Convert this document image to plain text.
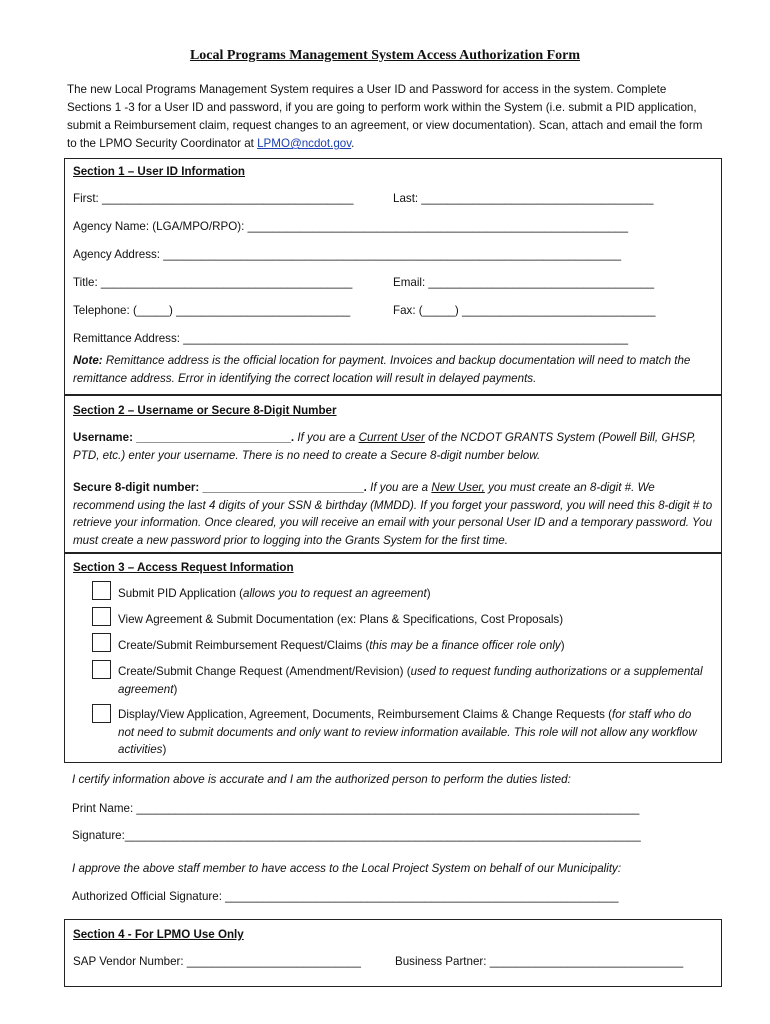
Local Programs Management System Access Authorization Form
The new Local Programs Management System requires a User ID and Password for access in the system. Complete Sections 1 -3 for a User ID and password, if you are going to perform work within the System (i.e. submit a PID application, submit a Reimbursement claim, request changes to an agreement, or view documentation). Scan, attach and email the form to the LPMO Security Coordinator at LPMO@ncdot.gov.
Section 1 – User ID Information
First: _______________________________________	Last: ____________________________________
Agency Name: (LGA/MPO/RPO): ___________________________________________________________
Agency Address: _______________________________________________________________________
Title: _______________________________________	Email: ___________________________________
Telephone: (_____) ___________________________	Fax: (_____) ______________________________
Remittance Address: _____________________________________________________________________
Note: Remittance address is the official location for payment. Invoices and backup documentation will need to match the remittance address. Error in identifying the correct location will result in delayed payments.
Section 2 – Username or Secure 8-Digit Number
Username: ________________________. If you are a Current User of the NCDOT GRANTS System (Powell Bill, GHSP, PTD, etc.) enter your username. There is no need to create a Secure 8-digit number below.
Secure 8-digit number: _________________________. If you are a New User, you must create an 8-digit #. We recommend using the last 4 digits of your SSN & birthday (MMDD). If you forget your password, you will need this 8-digit # to retrieve your information. Once cleared, you will receive an email with your personal User ID and a temporary password. You must create a new password prior to logging into the Grants System for the first time.
Section 3 – Access Request Information
Submit PID Application (allows you to request an agreement)
View Agreement & Submit Documentation (ex: Plans & Specifications, Cost Proposals)
Create/Submit Reimbursement Request/Claims (this may be a finance officer role only)
Create/Submit Change Request (Amendment/Revision) (used to request funding authorizations or a supplemental agreement)
Display/View Application, Agreement, Documents, Reimbursement Claims & Change Requests (for staff who do not need to submit documents and only want to review information available. This role will not allow any workflow activities)
I certify information above is accurate and I am the authorized person to perform the duties listed:
Print Name: ______________________________________________________________________________
Signature:________________________________________________________________________________
I approve the above staff member to have access to the Local Project System on behalf of our Municipality:
Authorized Official Signature: _____________________________________________________________
Section 4 - For LPMO Use Only
SAP Vendor Number: ___________________________	Business Partner: ______________________________
